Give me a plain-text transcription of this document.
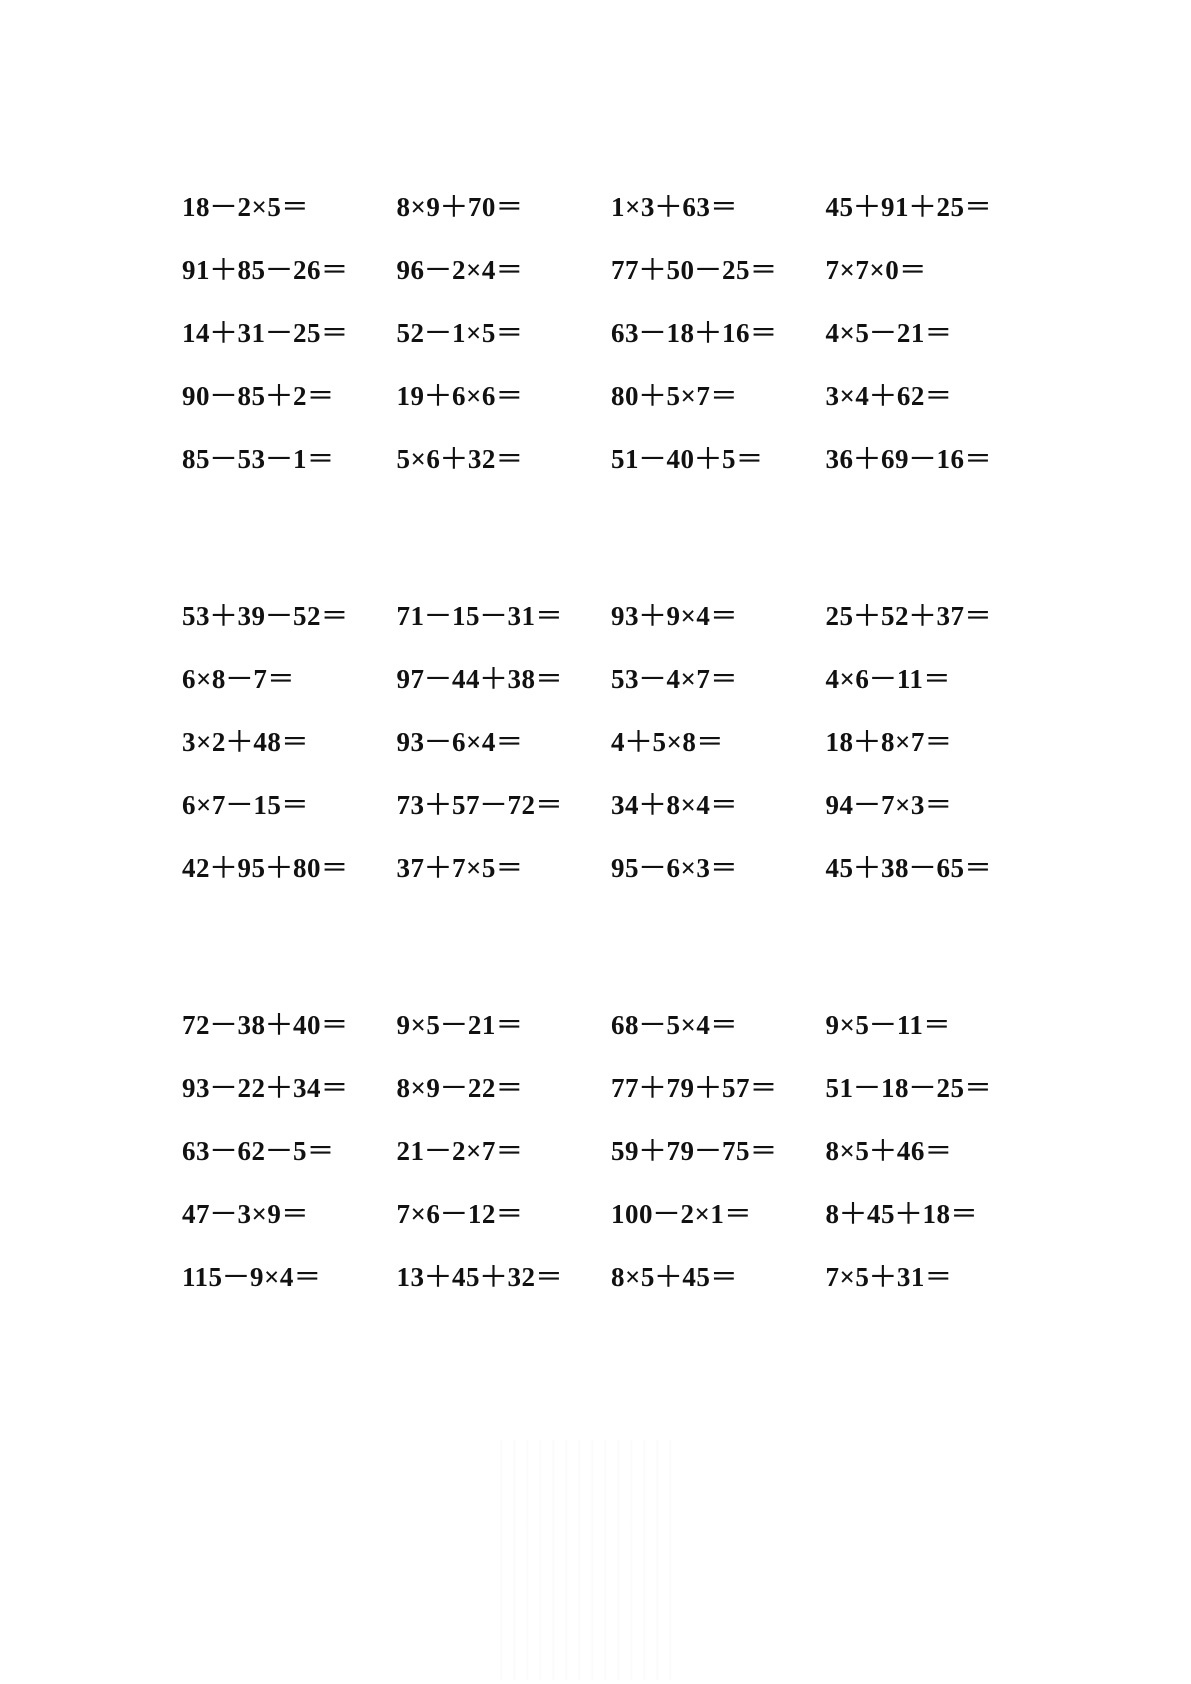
18－2×5＝	8×9＋70＝	1×3＋63＝	45＋91＋25＝
91＋85－26＝	96－2×4＝	77＋50－25＝	7×7×0＝
14＋31－25＝	52－1×5＝	63－18＋16＝	4×5－21＝
90－85＋2＝	19＋6×6＝	80＋5×7＝	3×4＋62＝
85－53－1＝	5×6＋32＝	51－40＋5＝	36＋69－16＝
53＋39－52＝	71－15－31＝	93＋9×4＝	25＋52＋37＝
6×8－7＝	97－44＋38＝	53－4×7＝	4×6－11＝
3×2＋48＝	93－6×4＝	4＋5×8＝	18＋8×7＝
6×7－15＝	73＋57－72＝	34＋8×4＝	94－7×3＝
42＋95＋80＝	37＋7×5＝	95－6×3＝	45＋38－65＝
72－38＋40＝	9×5－21＝	68－5×4＝	9×5－11＝
93－22＋34＝	8×9－22＝	77＋79＋57＝	51－18－25＝
63－62－5＝	21－2×7＝	59＋79－75＝	8×5＋46＝
47－3×9＝	7×6－12＝	100－2×1＝	8＋45＋18＝
115－9×4＝	13＋45＋32＝	8×5＋45＝	7×5＋31＝
